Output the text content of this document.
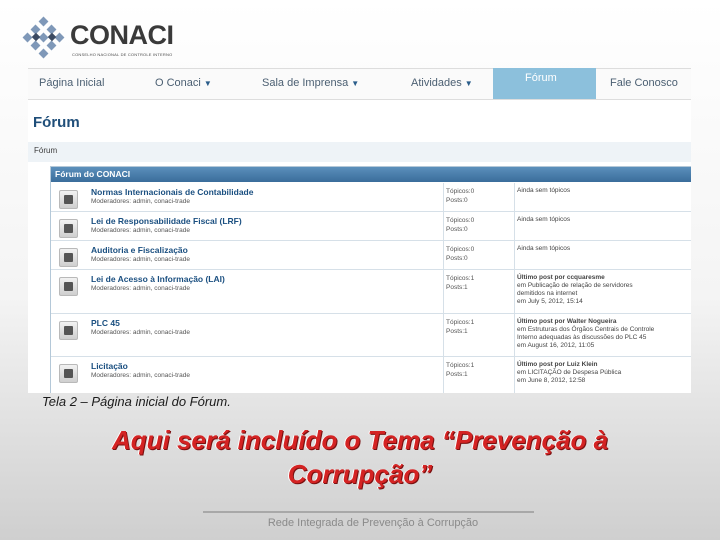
CONACI
CONSELHO NACIONAL DE CONTROLE INTERNO
Página Inicial	O Conaci ▼	Sala de Imprensa ▼	Atividades ▼	Fórum	Fale Conosco
Fórum
Fórum
Fórum do CONACI
Normas Internacionais de Contabilidade
Moderadores: admin, conaci-trade
Tópicos:0
Posts:0
Ainda sem tópicos
Lei de Responsabilidade Fiscal (LRF)
Moderadores: admin, conaci-trade
Tópicos:0
Posts:0
Ainda sem tópicos
Auditoria e Fiscalização
Moderadores: admin, conaci-trade
Tópicos:0
Posts:0
Ainda sem tópicos
Lei de Acesso à Informação (LAI)
Moderadores: admin, conaci-trade
Tópicos:1
Posts:1
Último post por ccquaresme
em Publicação de relação de servidores
demitidos na internet
em July 5, 2012, 15:14
PLC 45
Moderadores: admin, conaci-trade
Tópicos:1
Posts:1
Último post por Walter Nogueira
em Estruturas dos Órgãos Centrais de Controle
Interno adequadas às discussões do PLC 45
em August 16, 2012, 11:05
Licitação
Moderadores: admin, conaci-trade
Tópicos:1
Posts:1
Último post por Luiz Klein
em LICITAÇÃO de Despesa Pública
em June 8, 2012, 12:58
Tela 2 – Página inicial do Fórum.
Aqui será incluído o Tema “Prevenção à
Corrupção”
Rede Integrada de Prevenção à Corrupção
